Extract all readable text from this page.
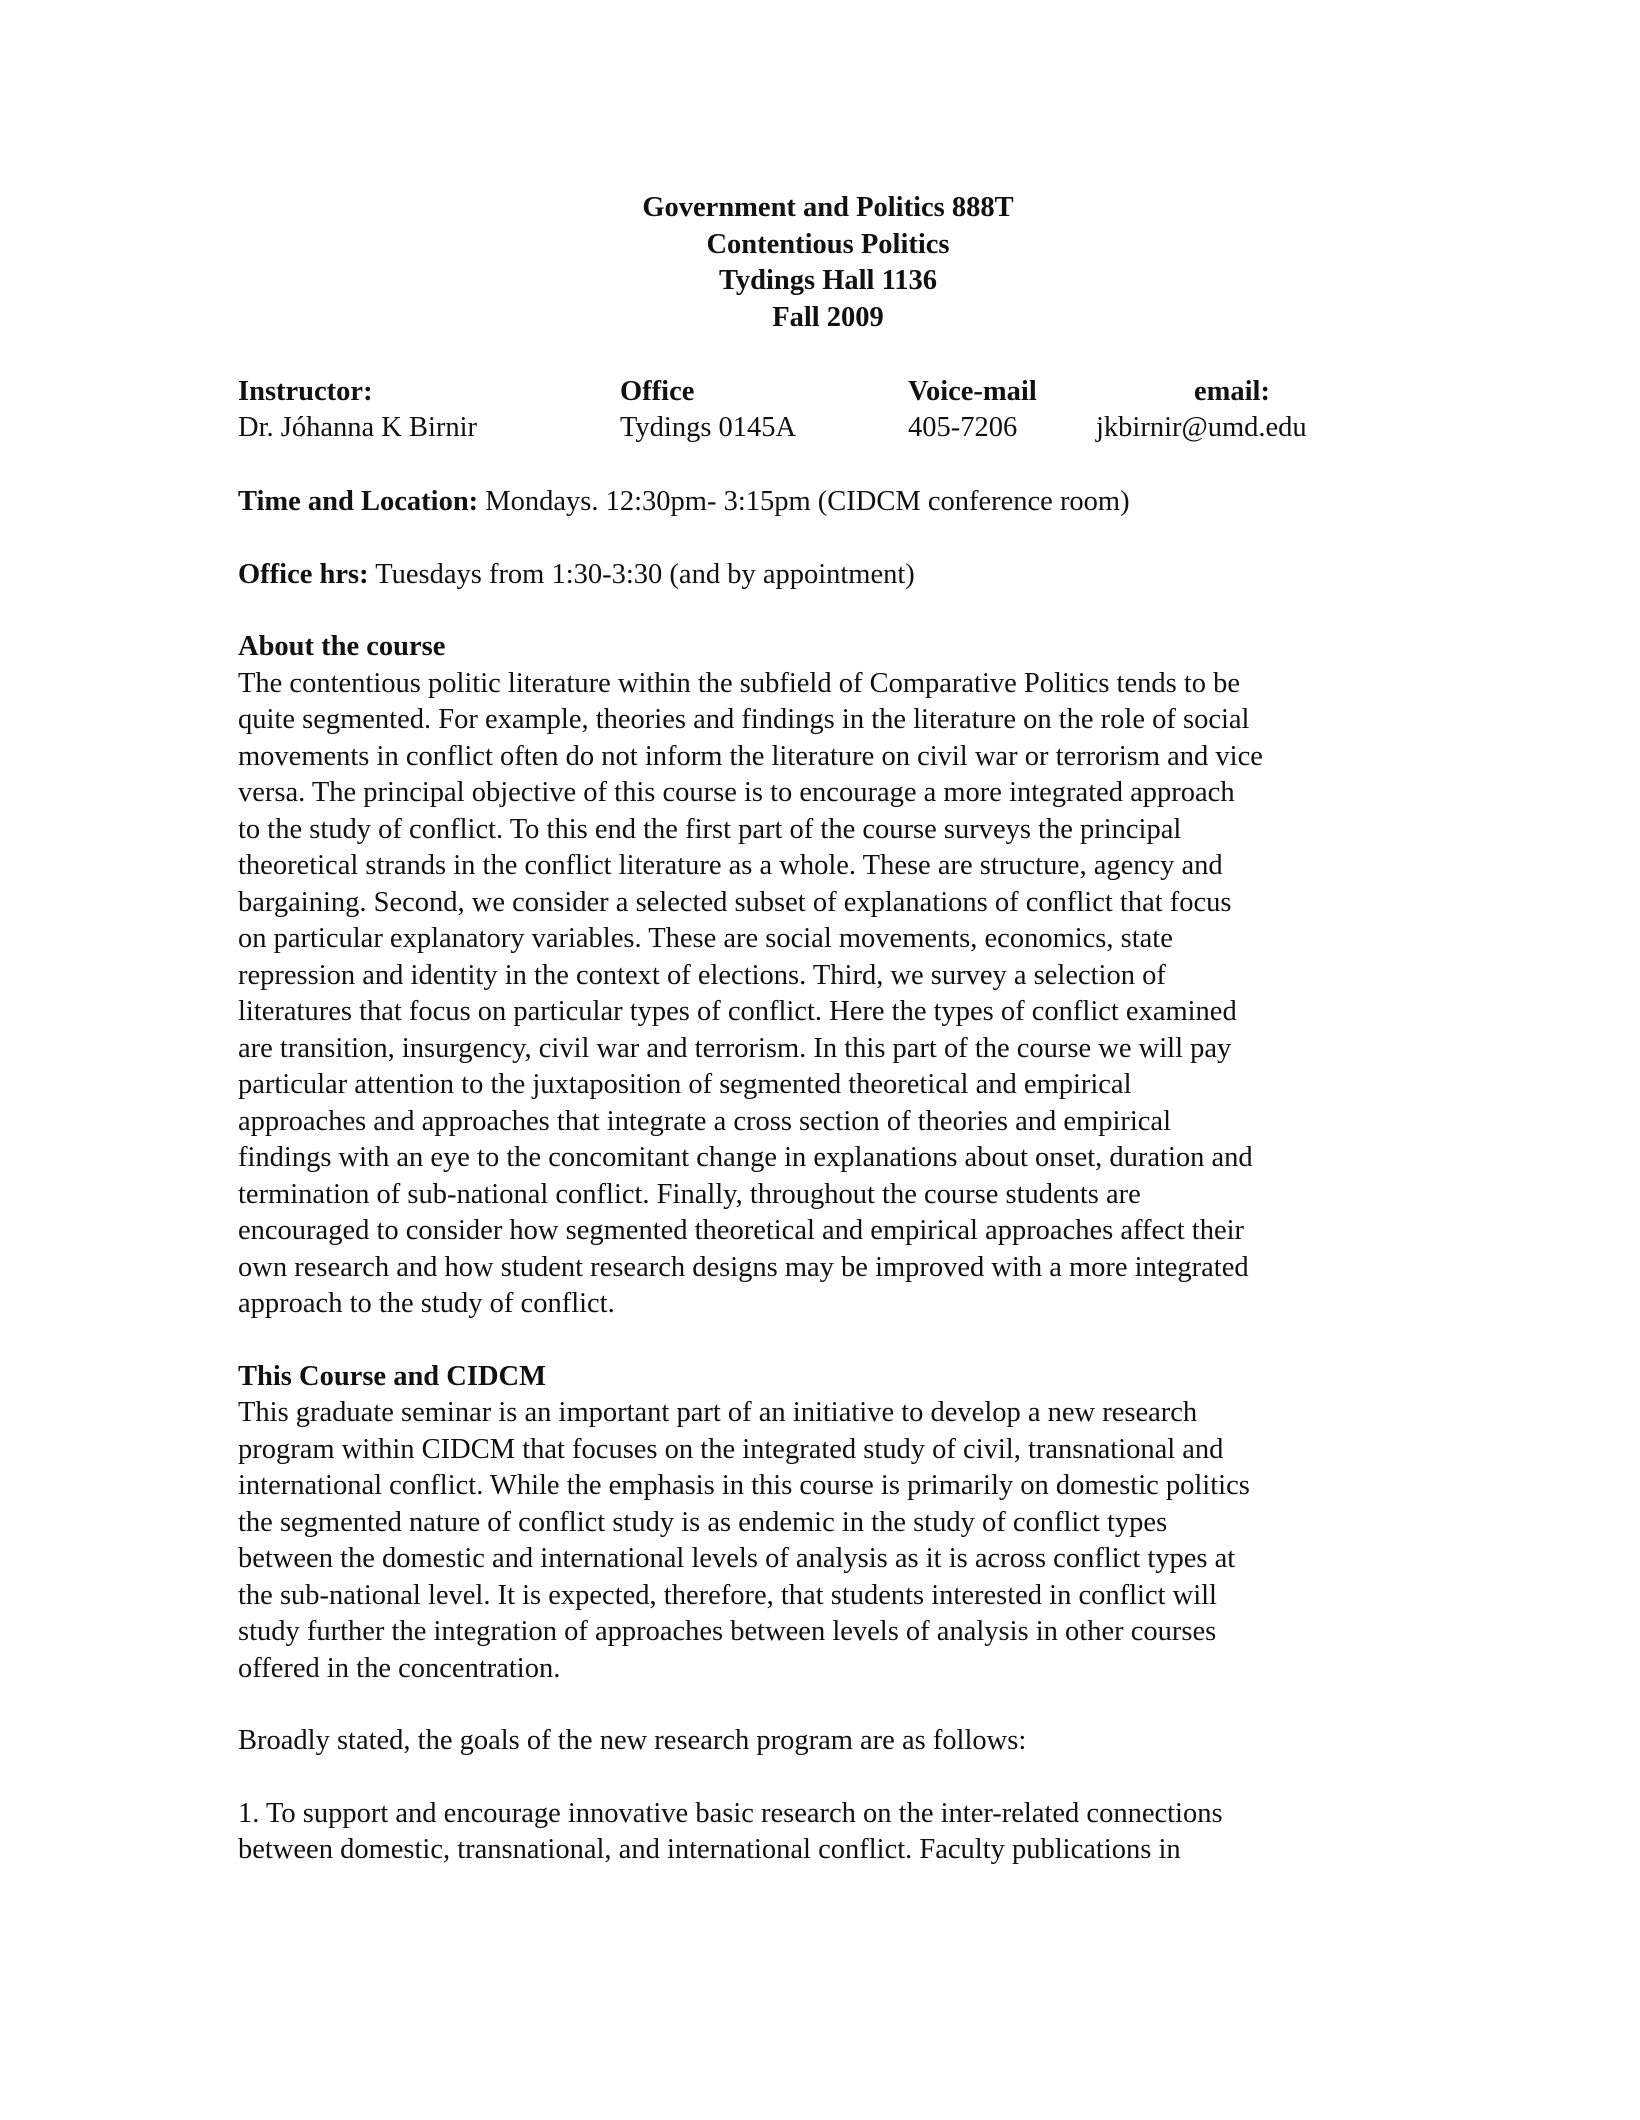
Government and Politics 888T
Contentious Politics
Tydings Hall 1136
Fall 2009
Instructor:	Office	Voice-mail	email:
Dr. Jóhanna K Birnir	Tydings 0145A	405-7206	jkbirnir@umd.edu
Time and Location: Mondays. 12:30pm- 3:15pm (CIDCM conference room)
Office hrs: Tuesdays from 1:30-3:30 (and by appointment)
About the course
The contentious politic literature within the subfield of Comparative Politics tends to be
quite segmented. For example, theories and findings in the literature on the role of social
movements in conflict often do not inform the literature on civil war or terrorism and vice
versa. The principal objective of this course is to encourage a more integrated approach
to the study of conflict. To this end the first part of the course surveys the principal
theoretical strands in the conflict literature as a whole. These are structure, agency and
bargaining. Second, we consider a selected subset of explanations of conflict that focus
on particular explanatory variables. These are social movements, economics, state
repression and identity in the context of elections. Third, we survey a selection of
literatures that focus on particular types of conflict. Here the types of conflict examined
are transition, insurgency, civil war and terrorism. In this part of the course we will pay
particular attention to the juxtaposition of segmented theoretical and empirical
approaches and approaches that integrate a cross section of theories and empirical
findings with an eye to the concomitant change in explanations about onset, duration and
termination of sub-national conflict. Finally, throughout the course students are
encouraged to consider how segmented theoretical and empirical approaches affect their
own research and how student research designs may be improved with a more integrated
approach to the study of conflict.
This Course and CIDCM
This graduate seminar is an important part of an initiative to develop a new research
program within CIDCM that focuses on the integrated study of civil, transnational and
international conflict. While the emphasis in this course is primarily on domestic politics
the segmented nature of conflict study is as endemic in the study of conflict types
between the domestic and international levels of analysis as it is across conflict types at
the sub-national level. It is expected, therefore, that students interested in conflict will
study further the integration of approaches between levels of analysis in other courses
offered in the concentration.
Broadly stated, the goals of the new research program are as follows:
1. To support and encourage innovative basic research on the inter-related connections
between domestic, transnational, and international conflict. Faculty publications in
